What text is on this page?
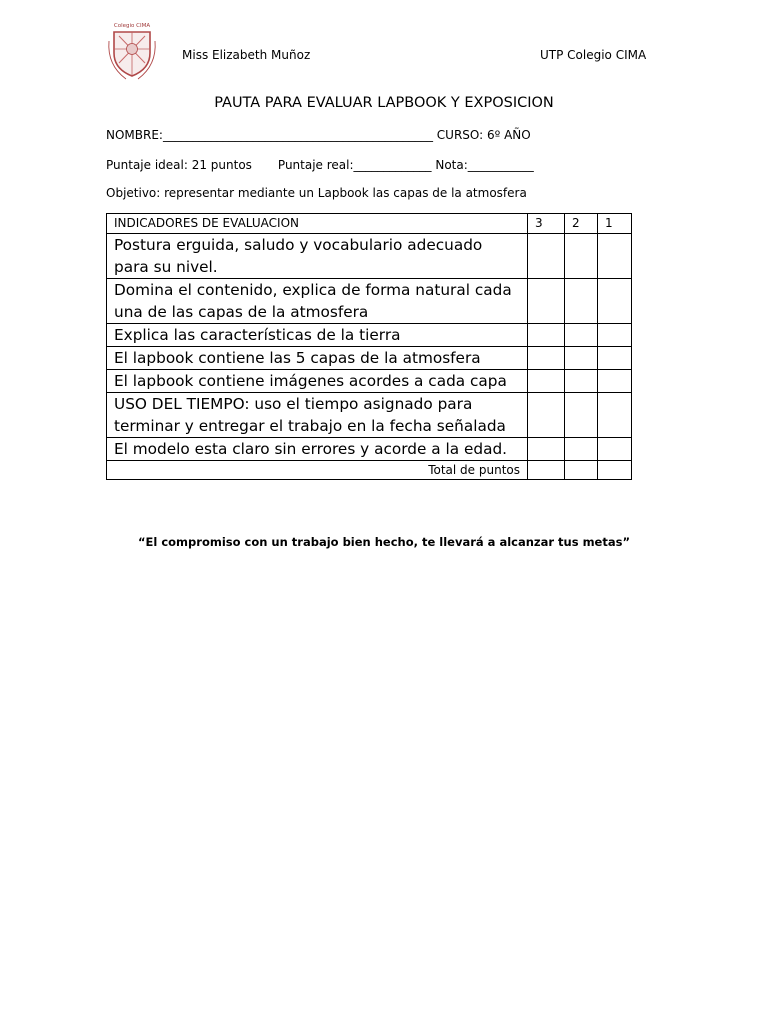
Colegio CIMA
Miss Elizabeth Muñoz	UTP Colegio CIMA
PAUTA PARA EVALUAR LAPBOOK Y EXPOSICION
NOMBRE:_____________________________________________ CURSO: 6º AÑO
Puntaje ideal: 21 puntos Puntaje real:_____________ Nota:___________
Objetivo: representar mediante un Lapbook las capas de la atmosfera
INDICADORES DE EVALUACION	3	2	1
Postura erguida, saludo y vocabulario adecuado para su nivel.			
Domina el contenido, explica de forma natural cada una de las capas de la atmosfera			
Explica las características de la tierra			
El lapbook contiene las 5 capas de la atmosfera			
El lapbook contiene imágenes acordes a cada capa			
USO DEL TIEMPO: uso el tiempo asignado para terminar y entregar el trabajo en la fecha señalada			
El modelo esta claro sin errores y acorde a la edad.			
Total de puntos			
“El compromiso con un trabajo bien hecho, te llevará a alcanzar tus metas”
